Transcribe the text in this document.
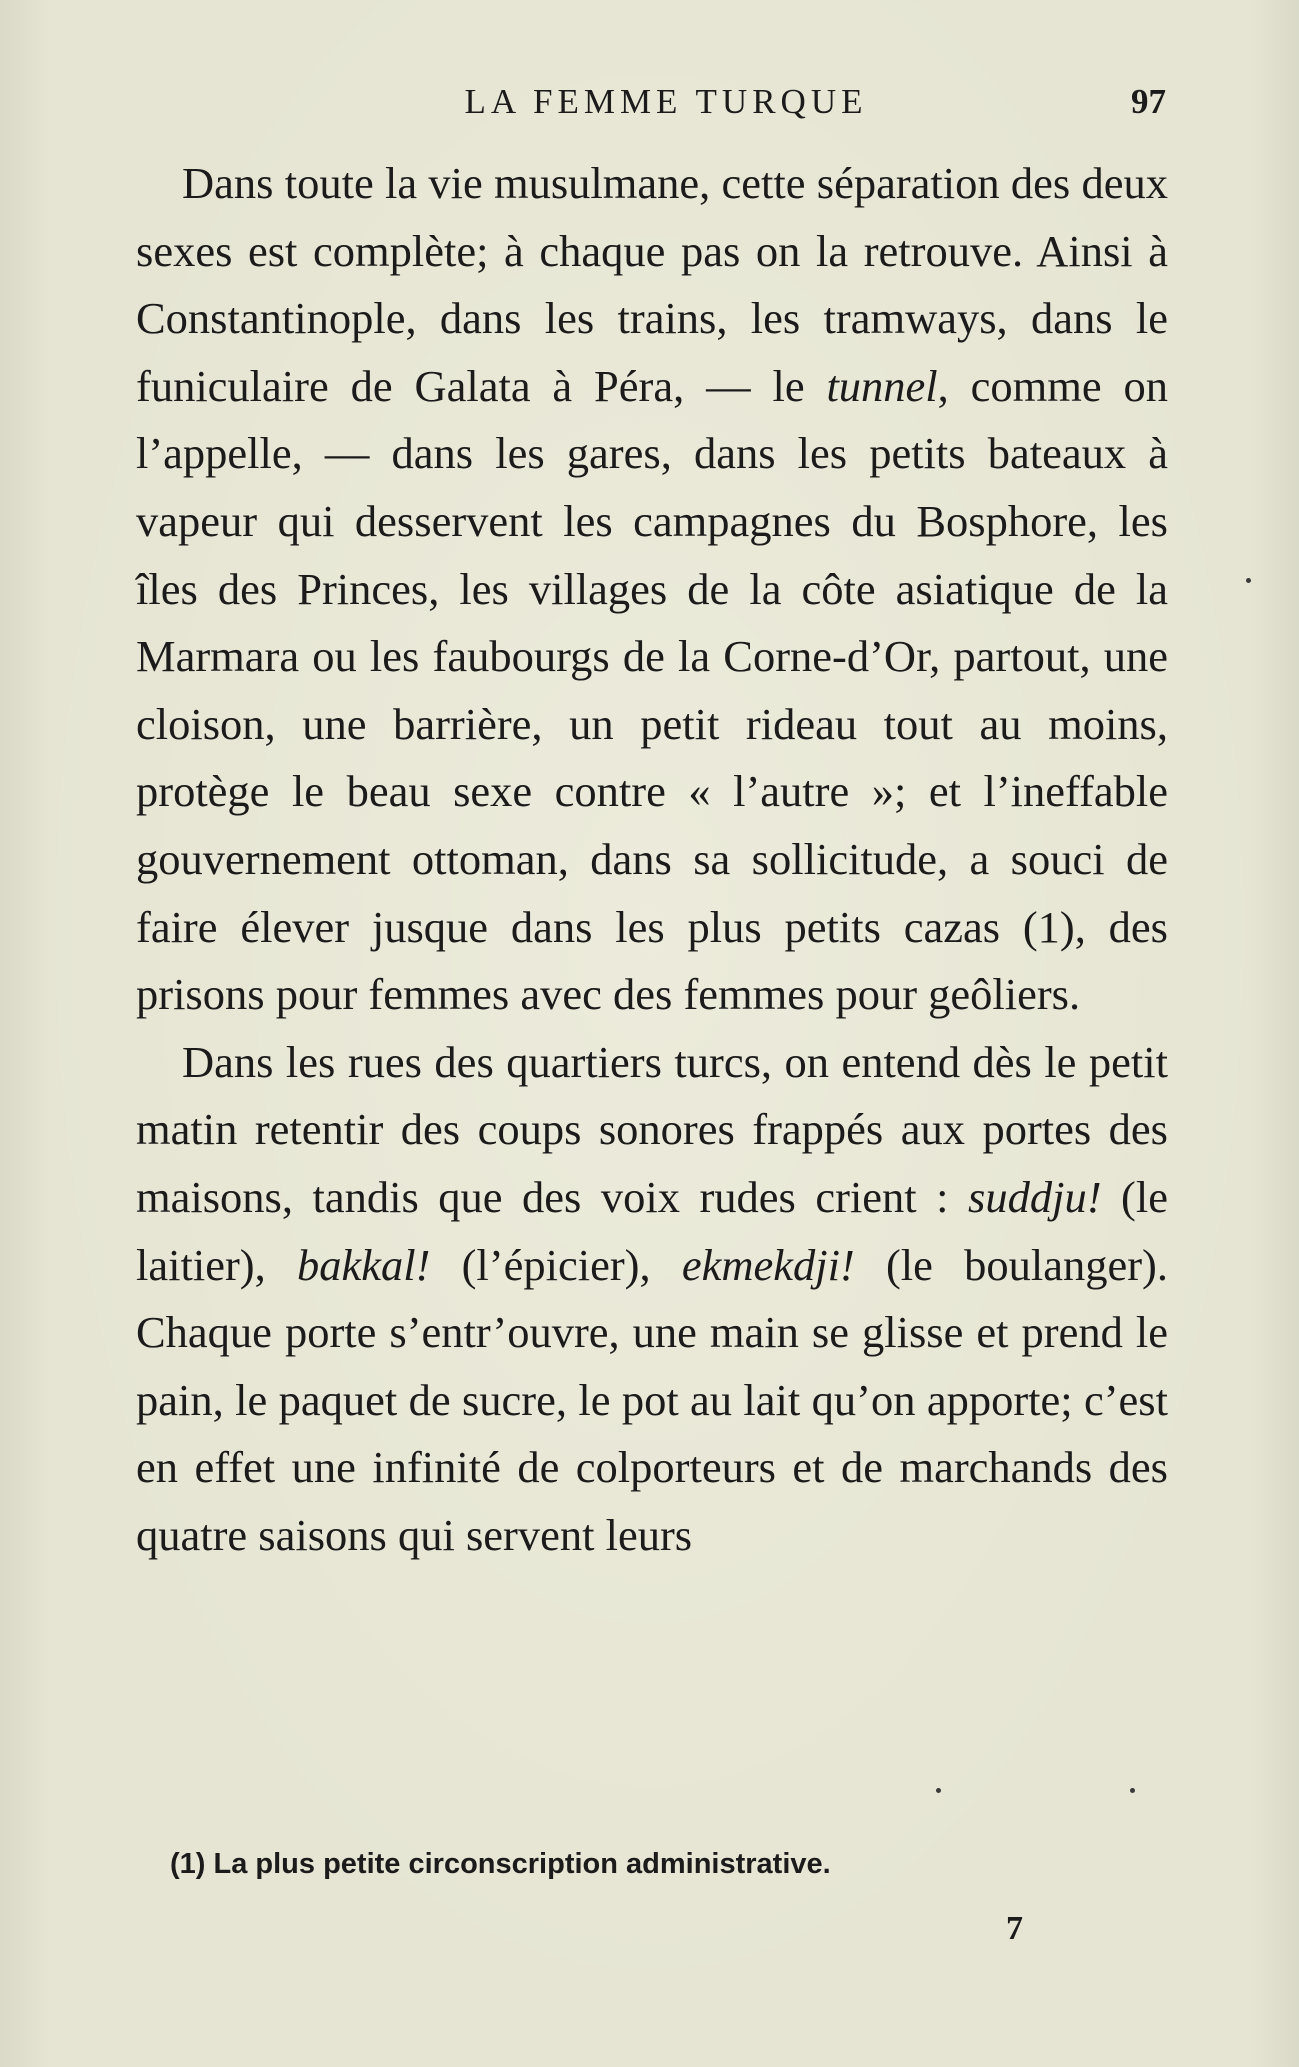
LA FEMME TURQUE	97

Dans toute la vie musulmane, cette séparation des deux sexes est complète; à chaque pas on la retrouve. Ainsi à Constantinople, dans les trains, les tramways, dans le funiculaire de Galata à Péra, — le tunnel, comme on l’appelle, — dans les gares, dans les petits bateaux à vapeur qui desservent les campagnes du Bosphore, les îles des Princes, les villages de la côte asiatique de la Marmara ou les faubourgs de la Corne-d’Or, partout, une cloison, une barrière, un petit rideau tout au moins, protège le beau sexe contre « l’autre »; et l’ineffable gouvernement ottoman, dans sa sollicitude, a souci de faire élever jusque dans les plus petits cazas (1), des prisons pour femmes avec des femmes pour geôliers.

Dans les rues des quartiers turcs, on entend dès le petit matin retentir des coups sonores frappés aux portes des maisons, tandis que des voix rudes crient : suddju! (le laitier), bakkal! (l’épicier), ekmekdji! (le boulanger). Chaque porte s’entr’ouvre, une main se glisse et prend le pain, le paquet de sucre, le pot au lait qu’on apporte; c’est en effet une infinité de colporteurs et de marchands des quatre saisons qui servent leurs

(1) La plus petite circonscription administrative.
7
